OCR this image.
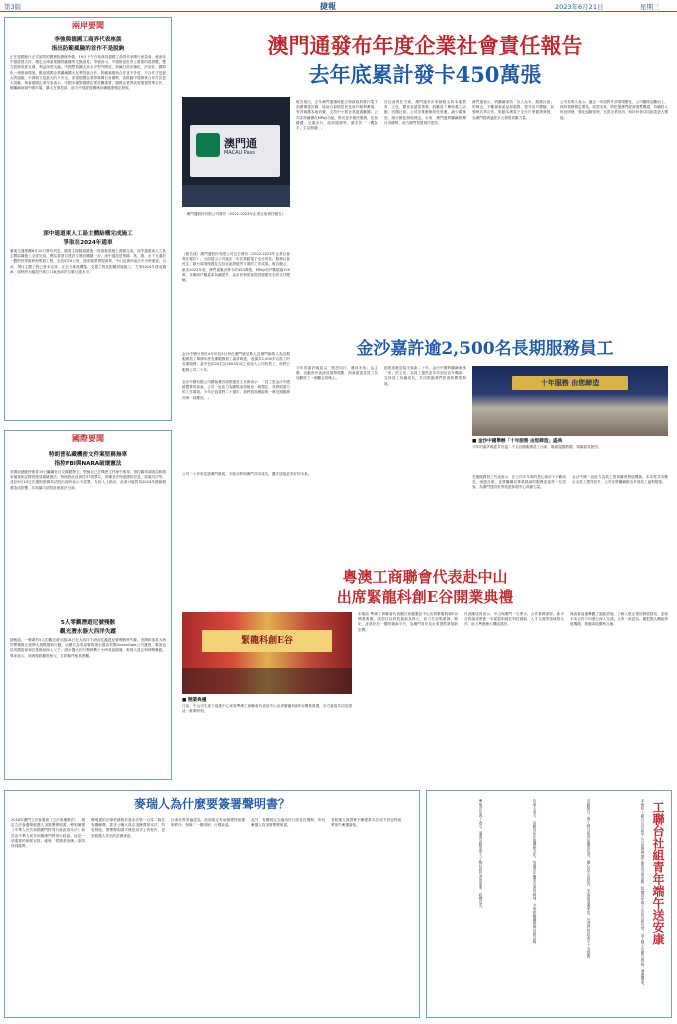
第3版	捷報	2023年6月21日	星期三
兩岸要聞
李強與德國工商界代表座談
指出防範風險的首作不是脫鉤
正在德國進行正式訪問的國務院總理李強，19日下午在柏林同德國工商界代表舉行座談會，就深化中德經貿合作、穩定全球產業鏈供應鏈等交換意見。李強表示，中德都是世界上重要的經濟體，雙方經濟高度互補，利益深度交融。中國堅持擴大高水平對外開放，持續打造市場化、法治化、國際化一流營商環境，歡迎德國企業繼續擴大在華投資合作。防範風險與合作並不矛盾，不合作才是最大的風險，不發展才是最大的不安全。希望德國企業界發揮自身優勢，為推動中德務實合作作出更大貢獻。與會德國企業代表表示，中國市場對德國企業至關重要，德國企業界高度重視對華合作，願繼續深耕中國市場，擴大在華投資，助力中德經貿關係持續健康穩定發展。
深中通道東人工島主體結構完成施工
爭取在2024年通車
廣東交通集團6月20日發布消息，隨着主線隧道最後一段頂板混凝土澆築完成，深中通道東人工島主體結構施工全部完成，標誌着項目建設又邁出關鍵一步。深中通道是集橋、島、隧、水下互通於一體的世界級跨海集群工程，全長約24公里，建成後將實現深圳、中山及廣州南沙半小時通達。目前，項目主體工程已基本完成，正全力推進機電、交通工程及附屬設施施工，力爭2024年建成通車，屆時將大幅提升珠江口東西兩岸互聯互通水平。
國際要聞
特朗普私藏機密文件案堅稱無辜
指控FBI與NARA破壞憲法
美國前總統特朗普19日繼續在社交媒體發文，堅稱自己在機密文件案中無辜，指控聯邦調查局和國家檔案和記錄管理局破壞憲法。特朗普此前被控37項罪名，涉嫌非法保留國防信息、妨礙司法等，並於6月13日在邁阿密聯邦法院出庭時表示不認罪。分析人士指出，此案可能對其2024年總統競選造成影響，共和黨內部對此案看法分歧。
5人零觀潛遊尼號殘骸
觀光潛水器大西洋失蹤
據報道，一艘載有5人的觀光潛水器18日在大西洋下潛前往鐵達尼號殘骸時失聯。美國和加拿大海岸警衛隊正展開大規模搜救行動。這艘名為泰坦號的潛水器由美國OceanGate公司運營，乘客包括英國富商和巴基斯坦商人父子。潛水器大約只剩餘數十小時氧氣儲備，救援人員正與時間賽跑。專家表示，深海搜救難度極大，打撈條件極其困難。
澳門通發布年度企業社會責任報告
去年底累計發卡450萬張
澳門通
MACAU Pass
澳門通股份有限公司發布《2022-2023年企業社會責任報告》
（報告訊）澳門通股份有限公司近日發布《2022-2023年企業社會責任報告》，全面展示公司過去一年在推動電子支付普及、服務社會民生、踐行環境保護及支持社區發展等方面的工作成果。報告顯示，截至2022年底，澳門通累計發卡約450萬張，MPay用戶數超過150萬，本澳商戶覆蓋率持續提升，為市民和旅客提供便捷安全的支付體驗。
報告指出，去年澳門通積極配合特區政府推行電子消費優惠計劃，協助合資格居民及商戶順利參與，有效刺激本地消費，支持中小微企業渡過難關。公司亦持續優化MPay功能，推出更多便民服務，包括繳費、交通出行、政府服務等，讓市民「一機在手，生活無憂」。
在社會責任方面，澳門通多年來積極支持本地教育、文化、體育及慈善事業，鼓勵員工參與義工活動，回饋社會。公司亦推動無紙化營運，減少碳排放，踐行綠色發展理念。未來，澳門通將繼續發揮自身優勢，助力澳門智慧城市建設。
澳門通表示，將繼續秉持「以人為本、服務社會」的理念，不斷創新產品和服務，提升用戶體驗，加強與各界合作，推動本澳電子支付行業健康發展，為澳門經濟適度多元發展貢獻力量。
公司負責人表示，過去一年面對外部環境變化，公司團隊迎難而上，保持業務穩定增長。展望未來，將把握澳門經濟復甦機遇，持續投入科技研發，強化風險管理，完善企業管治，與持份者共同創造更大價值。
金沙嘉許逾2,500名長期服務員工
金沙中國分別於4月份及5月份在澳門威尼斯人及澳門倫敦人為長期服務員工舉辦年度長期服務員工嘉許晚宴，表揚共2,500多名員工的長期服務。當中包括24名於2003年或之前加入公司的員工，他們已服務公司二十年。
金沙中國有限公司總裁兼首席營運官王英偉表示：「員工是金沙中國最寶貴的資產。公司一直致力為團隊成員創造一個穩定、具發展潛力的工作環境。今年正值我們二十週年，我們很高興能與一眾長期服務同事一同慶祝。」
今年的嘉許晚宴以「感恩同行，邁向未來」為主題，活動設有表演及抽獎環節，與會嘉賓及員工共同歡度了一個難忘的晚上。
創建成就迎接未來新二十年，金沙中國將繼續秉承「家」的文化，為員工提供更多培訓及晉升機會，支持員工持續成長，共同推動澳門旅遊休閒業發展。	十年服務 由您締造
■ 金沙中國舉辦「十年服務 由您締造」盛典
今年的嘉許晚宴共有逾二千名長期服務員工出席，場面溫馨熱鬧，現場氣氛熱烈。
長期服務員工代表表示，在公司多年來的悉心栽培下不斷成長，深感自豪，並將繼續以專業熱誠的服務迎接每一位旅客，為澳門建設世界旅遊休閒中心貢獻力量。
金沙中國一直致力為員工提供職業發展機會，本年度共有數百名員工獲得晉升，公司亦將繼續推出多項員工福利措施。
公司二十年來見證澳門發展，今後亦將與澳門共同成長，攜手迎接更美好的未來。
粵澳工商聯會代表赴中山
出席緊龍科創E谷開業典禮
緊龍科創E谷
■ 開業典禮
日前，中山市生產力促進中心率領粵澳工商聯會代表赴中山出席緊龍科創E谷開業典禮，各方嘉賓共同見證這一重要時刻。
本報訊 粵澳工商聯會代表團日前應邀赴中山出席緊龍科創E谷開業典禮。該項目以科技創新為核心，致力打造集研發、孵化、產業化於一體的創新平台，為澳門青年及企業提供發展新空間。
代表團成員表示，中山與澳門一衣帶水，合作基礎深厚。新平台的落成將進一步促進兩地在科技創新、人才交流等領域的合作，助力粵港澳大灣區建設。
與會嘉賓還參觀了園區設施，了解入駐企業的發展情況，並就未來合作方向進行深入交流。大家一致認為，應把握大灣區發展機遇，推動兩地優勢互補。
麥瑞人為什麼要簽署聲明書？
2016年澳門立法會通過《立法會選舉法》，規定立法會選舉候選人須簽署聲明書，聲明擁護《中華人民共和國澳門特別行政區基本法》和效忠中華人民共和國澳門特別行政區。這是一項重要的制度安排，確保「愛國者治澳」原則得到落實。
聲明書的法律依據源於基本法第一百零二條及有關解釋，要求公職人員必須擁護基本法、效忠特區。簽署聲明書不僅是形式上的程序，更是候選人作出的莊嚴承諾。
社會各界普遍認為，此項規定有助維護特區憲制秩序，保障「一國兩制」行穩致遠。
此外，有關規定亦適用於行政長官選舉，所有參選人均須簽署聲明書。
若候選人被證實不擁護基本法或不效忠特區，將喪失參選資格。	工聯台社組青年端午送安康
本報訊 工聯台山社區中心日前舉辦端午節送安康活動，組織青年義工走訪社區長者，送上糉子及節日問候，傳遞關愛。
活動當日，義工們分組探訪獨居長者，關心其生活狀況，並協助清潔家居，長者們對此表示十分感謝。
負責人表示，活動旨在弘揚傳統文化，培養青年關愛社會的精神，今後將繼續舉辦同類活動。
參與青年義工表示，通過活動更深入了解社區長者的需要，收穫良多。
